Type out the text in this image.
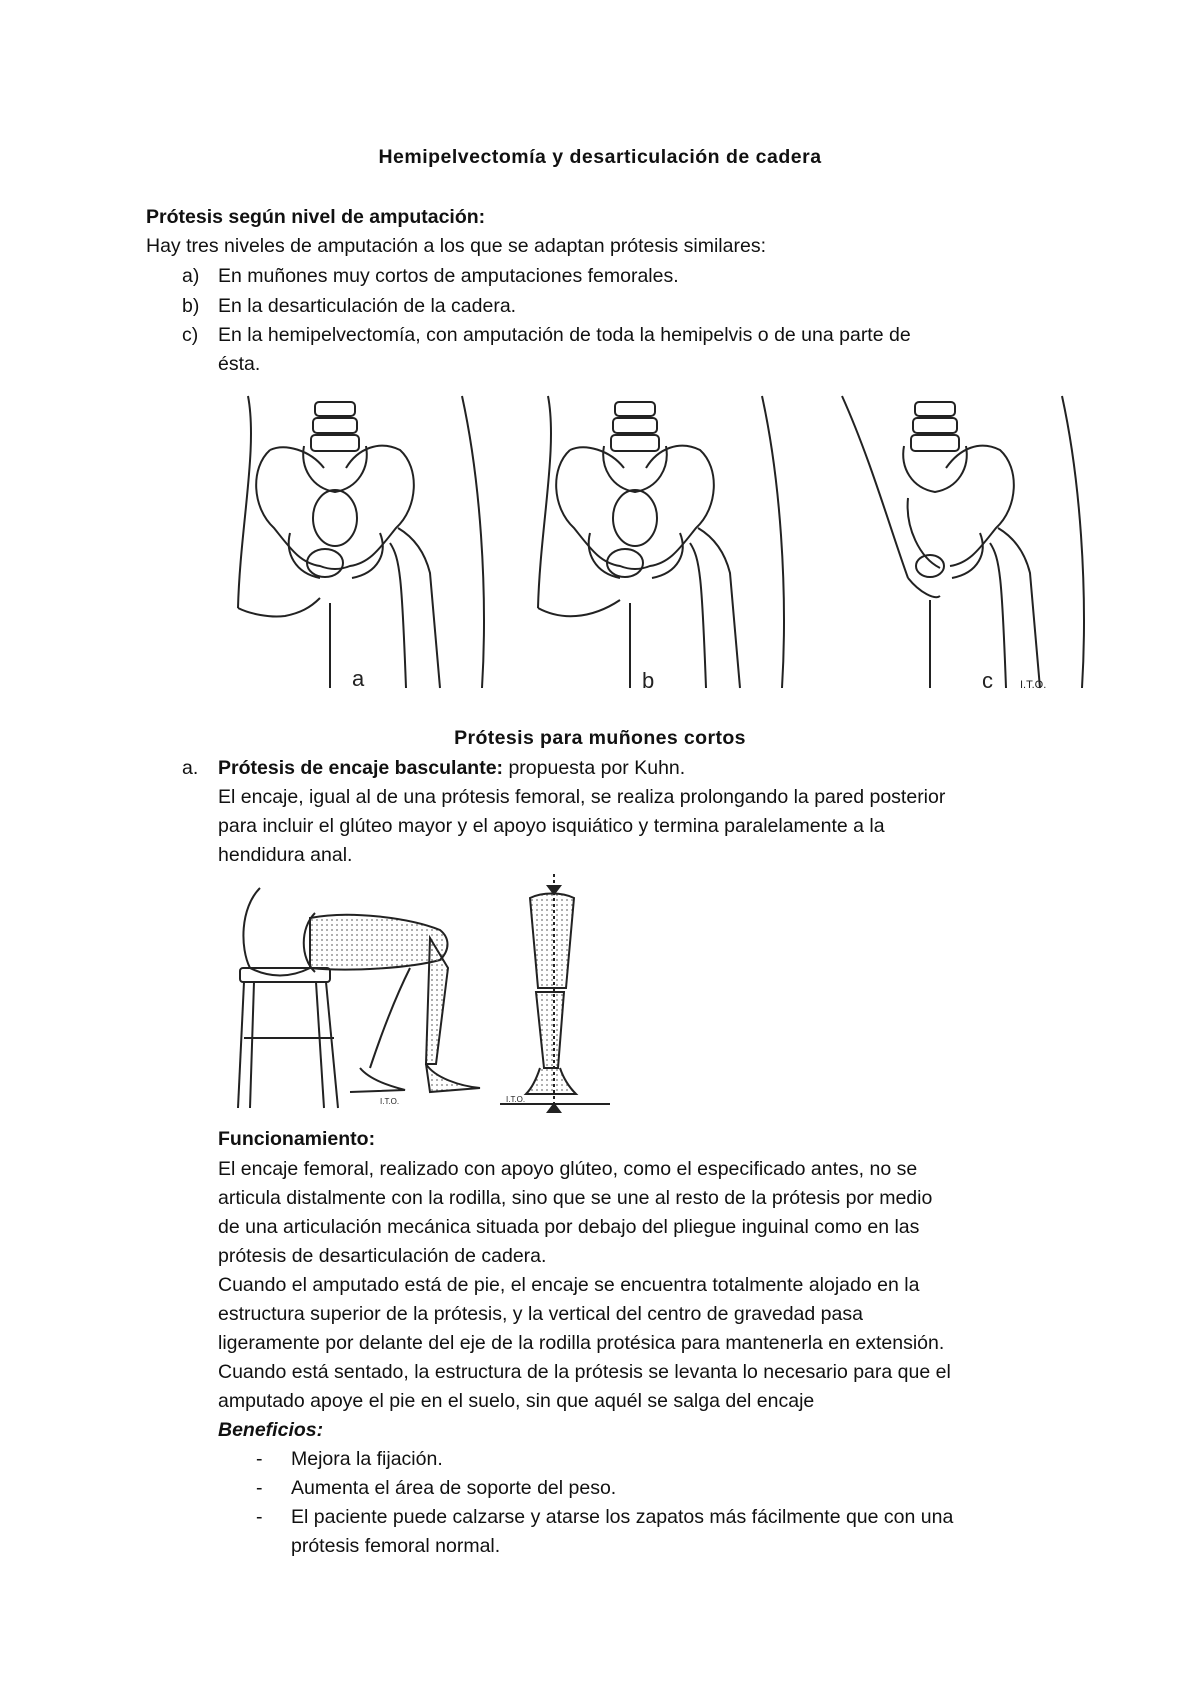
Hemipelvectomía y desarticulación de cadera
Prótesis según nivel de amputación:
Hay tres niveles de amputación a los que se adaptan prótesis similares:
a) En muñones muy cortos de amputaciones femorales.
b) En la desarticulación de la cadera.
c) En la hemipelvectomía, con amputación de toda la hemipelvis o de una parte de
ésta.
a	b	c I.T.O.
Prótesis para muñones cortos
a. Prótesis de encaje basculante: propuesta por Kuhn.
El encaje, igual al de una prótesis femoral, se realiza prolongando la pared posterior
para incluir el glúteo mayor y el apoyo isquiático y termina paralelamente a la
hendidura anal.
I.T.O.	I.T.O.
Funcionamiento:
El encaje femoral, realizado con apoyo glúteo, como el especificado antes, no se
articula distalmente con la rodilla, sino que se une al resto de la prótesis por medio
de una articulación mecánica situada por debajo del pliegue inguinal como en las
prótesis de desarticulación de cadera.
Cuando el amputado está de pie, el encaje se encuentra totalmente alojado en la
estructura superior de la prótesis, y la vertical del centro de gravedad pasa
ligeramente por delante del eje de la rodilla protésica para mantenerla en extensión.
Cuando está sentado, la estructura de la prótesis se levanta lo necesario para que el
amputado apoye el pie en el suelo, sin que aquél se salga del encaje
Beneficios:
- Mejora la fijación.
- Aumenta el área de soporte del peso.
- El paciente puede calzarse y atarse los zapatos más fácilmente que con una
prótesis femoral normal.
